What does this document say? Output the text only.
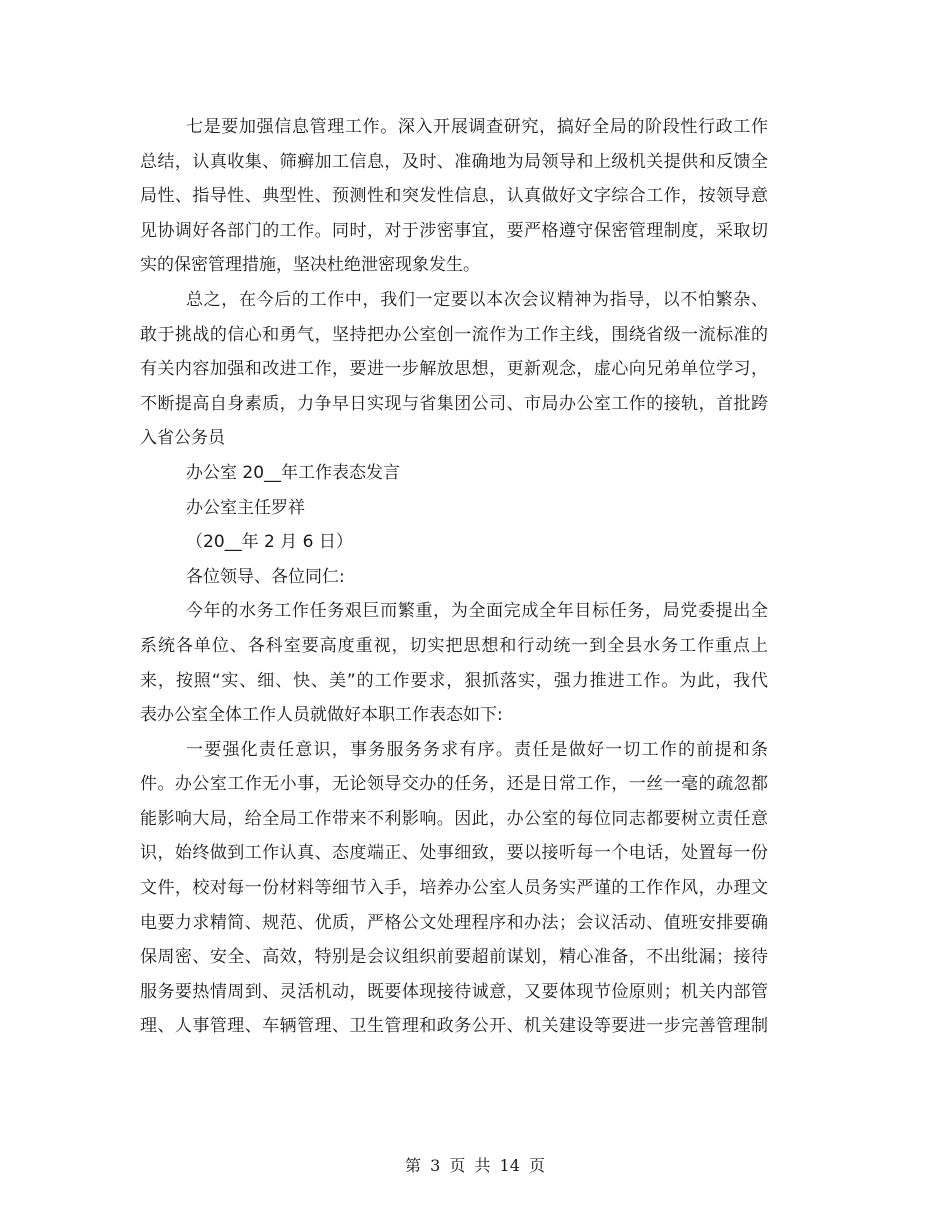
七是要加强信息管理工作。深入开展调查研究，搞好全局的阶段性行政工作
总结，认真收集、筛癣加工信息，及时、准确地为局领导和上级机关提供和反馈全
局性、指导性、典型性、预测性和突发性信息，认真做好文字综合工作，按领导意
见协调好各部门的工作。同时，对于涉密事宜，要严格遵守保密管理制度，采取切
实的保密管理措施，坚决杜绝泄密现象发生。
总之，在今后的工作中，我们一定要以本次会议精神为指导，以不怕繁杂、
敢于挑战的信心和勇气，坚持把办公室创一流作为工作主线，围绕省级一流标准的
有关内容加强和改进工作，要进一步解放思想，更新观念，虚心向兄弟单位学习，
不断提高自身素质，力争早日实现与省集团公司、市局办公室工作的接轨，首批跨
入省公务员
办公室 20__年工作表态发言
办公室主任罗祥
（20__年 2 月 6 日）
各位领导、各位同仁:
今年的水务工作任务艰巨而繁重，为全面完成全年目标任务，局党委提出全
系统各单位、各科室要高度重视，切实把思想和行动统一到全县水务工作重点上
来，按照“实、细、快、美”的工作要求，狠抓落实，强力推进工作。为此，我代
表办公室全体工作人员就做好本职工作表态如下:
一要强化责任意识，事务服务务求有序。责任是做好一切工作的前提和条
件。办公室工作无小事，无论领导交办的任务，还是日常工作，一丝一毫的疏忽都
能影响大局，给全局工作带来不利影响。因此，办公室的每位同志都要树立责任意
识，始终做到工作认真、态度端正、处事细致，要以接听每一个电话，处置每一份
文件，校对每一份材料等细节入手，培养办公室人员务实严谨的工作作风，办理文
电要力求精简、规范、优质，严格公文处理程序和办法；会议活动、值班安排要确
保周密、安全、高效，特别是会议组织前要超前谋划，精心准备，不出纰漏；接待
服务要热情周到、灵活机动，既要体现接待诚意，又要体现节俭原则；机关内部管
理、人事管理、车辆管理、卫生管理和政务公开、机关建设等要进一步完善管理制
第 3 页 共 14 页
